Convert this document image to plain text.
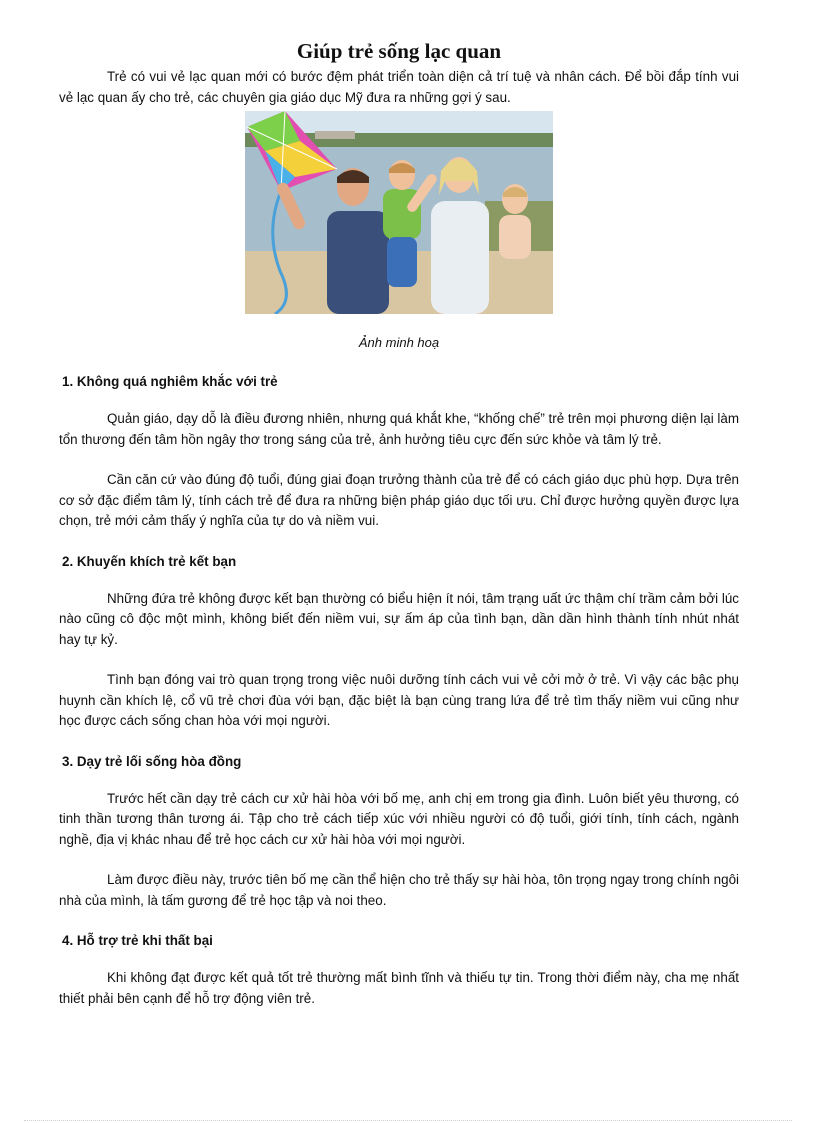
Giúp trẻ sống lạc quan

Trẻ có vui vẻ lạc quan mới có bước đệm phát triển toàn diện cả trí tuệ và nhân cách. Để bồi đắp tính vui vẻ lạc quan ấy cho trẻ, các chuyên gia giáo dục Mỹ đưa ra những gợi ý sau.

Ảnh minh hoạ
1. Không quá nghiêm khắc với trẻ

Quản giáo, dạy dỗ là điều đương nhiên, nhưng quá khắt khe, “khống chế” trẻ trên mọi phương diện lại làm tổn thương đến tâm hồn ngây thơ trong sáng của trẻ, ảnh hưởng tiêu cực đến sức khỏe và tâm lý trẻ.

Cần căn cứ vào đúng độ tuổi, đúng giai đoạn trưởng thành của trẻ để có cách giáo dục phù hợp. Dựa trên cơ sở đặc điểm tâm lý, tính cách trẻ để đưa ra những biện pháp giáo dục tối ưu. Chỉ được hưởng quyền được lựa chọn, trẻ mới cảm thấy ý nghĩa của tự do và niềm vui.

2. Khuyến khích trẻ kết bạn

Những đứa trẻ không được kết bạn thường có biểu hiện ít nói, tâm trạng uất ức thậm chí trầm cảm bởi lúc nào cũng cô độc một mình, không biết đến niềm vui, sự ấm áp của tình bạn, dần dần hình thành tính nhút nhát hay tự kỷ.

Tình bạn đóng vai trò quan trọng trong việc nuôi dưỡng tính cách vui vẻ cởi mở ở trẻ. Vì vậy các bậc phụ huynh cần khích lệ, cổ vũ trẻ chơi đùa với bạn, đặc biệt là bạn cùng trang lứa để trẻ tìm thấy niềm vui cũng như học được cách sống chan hòa với mọi người.

3. Dạy trẻ lối sống hòa đồng

Trước hết cần dạy trẻ cách cư xử hài hòa với bố mẹ, anh chị em trong gia đình. Luôn biết yêu thương, có tinh thần tương thân tương ái. Tập cho trẻ cách tiếp xúc với nhiều người có độ tuổi, giới tính, tính cách, ngành nghề, địa vị khác nhau để trẻ học cách cư xử hài hòa với mọi người.

Làm được điều này, trước tiên bố mẹ cần thể hiện cho trẻ thấy sự hài hòa, tôn trọng ngay trong chính ngôi nhà của mình, là tấm gương để trẻ học tập và noi theo.

4. Hỗ trợ trẻ khi thất bại

Khi không đạt được kết quả tốt trẻ thường mất bình tĩnh và thiếu tự tin. Trong thời điểm này, cha mẹ nhất thiết phải bên cạnh để hỗ trợ động viên trẻ.
